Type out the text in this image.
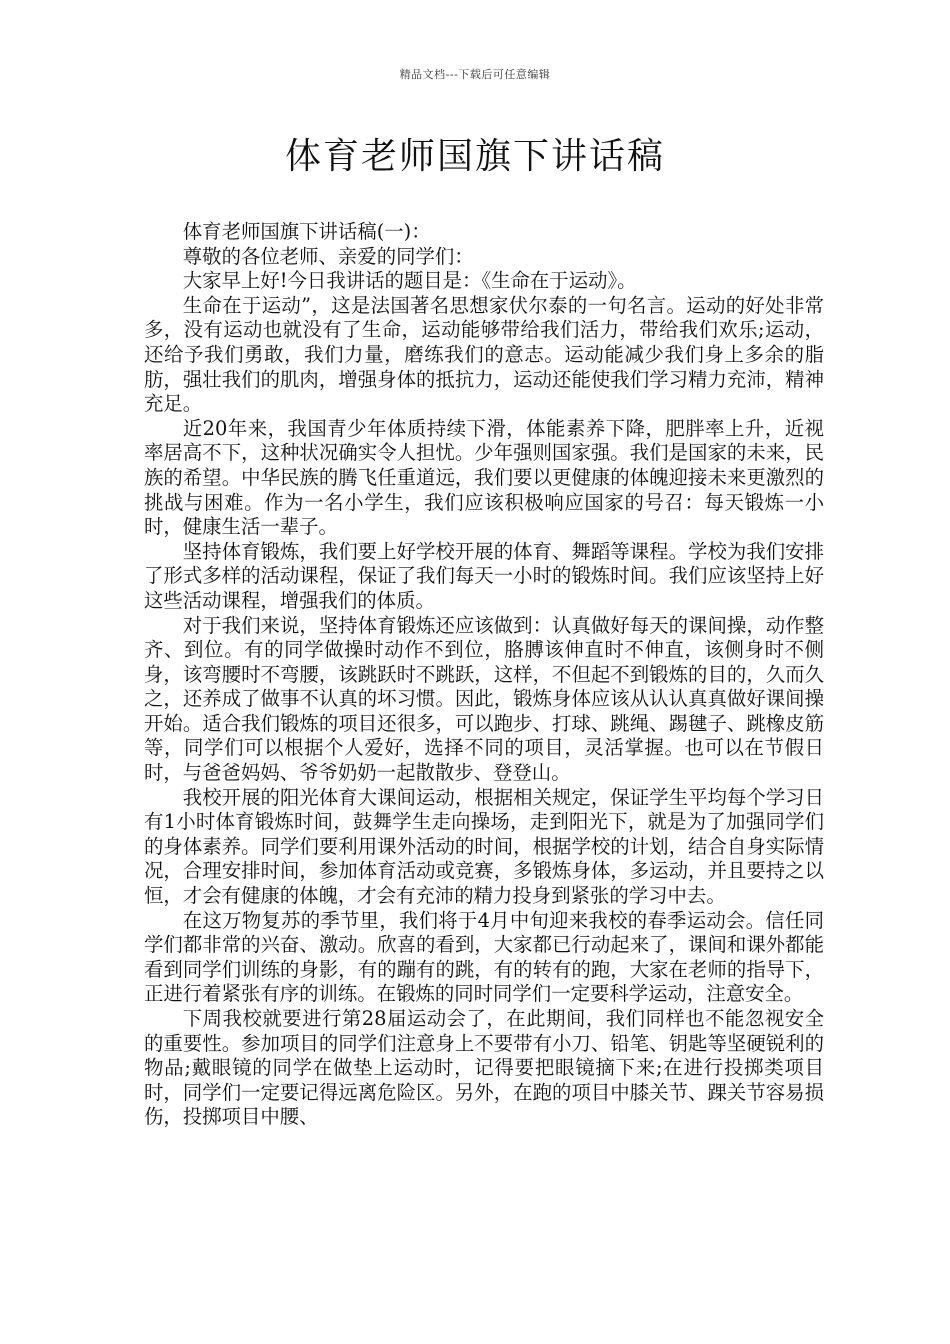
精品文档---下载后可任意编辑
体育老师国旗下讲话稿

体育老师国旗下讲话稿(一)：

尊敬的各位老师、亲爱的同学们：

大家早上好!今日我讲话的题目是：《生命在于运动》。

生命在于运动”，这是法国著名思想家伏尔泰的一句名言。运动的好处非常多，没有运动也就没有了生命，运动能够带给我们活力，带给我们欢乐;运动，还给予我们勇敢，我们力量，磨练我们的意志。运动能减少我们身上多余的脂肪，强壮我们的肌肉，增强身体的抵抗力，运动还能使我们学习精力充沛，精神充足。

近20年来，我国青少年体质持续下滑，体能素养下降，肥胖率上升，近视率居高不下，这种状况确实令人担忧。少年强则国家强。我们是国家的未来，民族的希望。中华民族的腾飞任重道远，我们要以更健康的体魄迎接未来更激烈的挑战与困难。作为一名小学生，我们应该积极响应国家的号召：每天锻炼一小时，健康生活一辈子。

坚持体育锻炼，我们要上好学校开展的体育、舞蹈等课程。学校为我们安排了形式多样的活动课程，保证了我们每天一小时的锻炼时间。我们应该坚持上好这些活动课程，增强我们的体质。

对于我们来说，坚持体育锻炼还应该做到：认真做好每天的课间操，动作整齐、到位。有的同学做操时动作不到位，胳膊该伸直时不伸直，该侧身时不侧身，该弯腰时不弯腰，该跳跃时不跳跃，这样，不但起不到锻炼的目的，久而久之，还养成了做事不认真的坏习惯。因此，锻炼身体应该从认认真真做好课间操开始。适合我们锻炼的项目还很多，可以跑步、打球、跳绳、踢毽子、跳橡皮筋等，同学们可以根据个人爱好，选择不同的项目，灵活掌握。也可以在节假日时，与爸爸妈妈、爷爷奶奶一起散散步、登登山。

我校开展的阳光体育大课间运动，根据相关规定，保证学生平均每个学习日有1小时体育锻炼时间，鼓舞学生走向操场，走到阳光下，就是为了加强同学们的身体素养。同学们要利用课外活动的时间，根据学校的计划，结合自身实际情况，合理安排时间，参加体育活动或竞赛，多锻炼身体，多运动，并且要持之以恒，才会有健康的体魄，才会有充沛的精力投身到紧张的学习中去。

在这万物复苏的季节里，我们将于4月中旬迎来我校的春季运动会。信任同学们都非常的兴奋、激动。欣喜的看到，大家都已行动起来了，课间和课外都能看到同学们训练的身影，有的蹦有的跳，有的转有的跑，大家在老师的指导下，正进行着紧张有序的训练。在锻炼的同时同学们一定要科学运动，注意安全。

下周我校就要进行第28届运动会了，在此期间，我们同样也不能忽视安全的重要性。参加项目的同学们注意身上不要带有小刀、铅笔、钥匙等坚硬锐利的物品;戴眼镜的同学在做垫上运动时，记得要把眼镜摘下来;在进行投掷类项目时，同学们一定要记得远离危险区。另外，在跑的项目中膝关节、踝关节容易损伤，投掷项目中腰、
